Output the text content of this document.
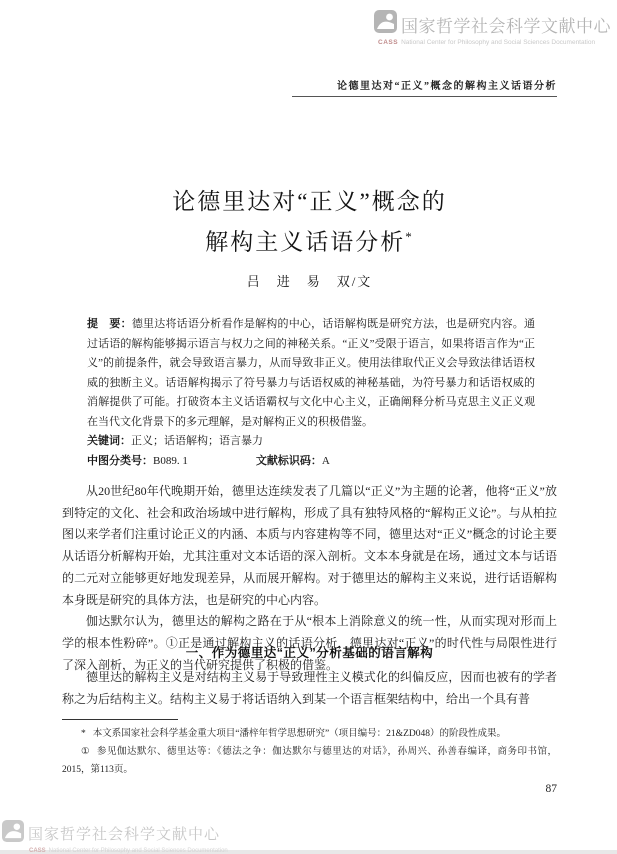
国家哲学社会科学文献中心
CASS National Center for Philosophy and Social Sciences Documentation
论德里达对“正义”概念的解构主义话语分析

论德里达对“正义”概念的

解构主义话语分析*

吕　进　易　双/文

提　要：德里达将话语分析看作是解构的中心，话语解构既是研究方法，也是研究内容。通过话语的解构能够揭示语言与权力之间的神秘关系。“正义”受限于语言，如果将语言作为“正义”的前提条件，就会导致语言暴力，从而导致非正义。使用法律取代正义会导致法律话语权威的独断主义。话语解构揭示了符号暴力与话语权威的神秘基础，为符号暴力和话语权威的消解提供了可能。打破资本主义话语霸权与文化中心主义，正确阐释分析马克思主义正义观在当代文化背景下的多元理解，是对解构正义的积极借鉴。

关键词：正义；话语解构；语言暴力

中图分类号：B089. 1	文献标识码：A

从20世纪80年代晚期开始，德里达连续发表了几篇以“正义”为主题的论著，他将“正义”放到特定的文化、社会和政治场域中进行解构，形成了具有独特风格的“解构正义论”。与从柏拉图以来学者们注重讨论正义的内涵、本质与内容建构等不同，德里达对“正义”概念的讨论主要从话语分析解构开始，尤其注重对文本话语的深入剖析。文本本身就是在场，通过文本与话语的二元对立能够更好地发现差异，从而展开解构。对于德里达的解构主义来说，进行话语解构本身既是研究的具体方法，也是研究的中心内容。

伽达默尔认为，德里达的解构之路在于从“根本上消除意义的统一性，从而实现对形而上学的根本性粉碎”。①正是通过解构主义的话语分析，德里达对“正义”的时代性与局限性进行了深入剖析，为正义的当代研究提供了积极的借鉴。

一、作为德里达“正义”分析基础的语言解构

德里达的解构主义是对结构主义易于导致理性主义模式化的纠偏反应，因而也被有的学者称之为后结构主义。结构主义易于将话语纳入到某一个语言框架结构中，给出一个具有普

* 本文系国家社会科学基金重大项目“潘梓年哲学思想研究”（项目编号：21&ZD048）的阶段性成果。

① 参见伽达默尔、德里达等：《德法之争：伽达默尔与德里达的对话》，孙周兴、孙善春编译，商务印书馆，2015，第113页。

87
国家哲学社会科学文献中心
CASS National Center for Philosophy and Social Sciences Documentation
